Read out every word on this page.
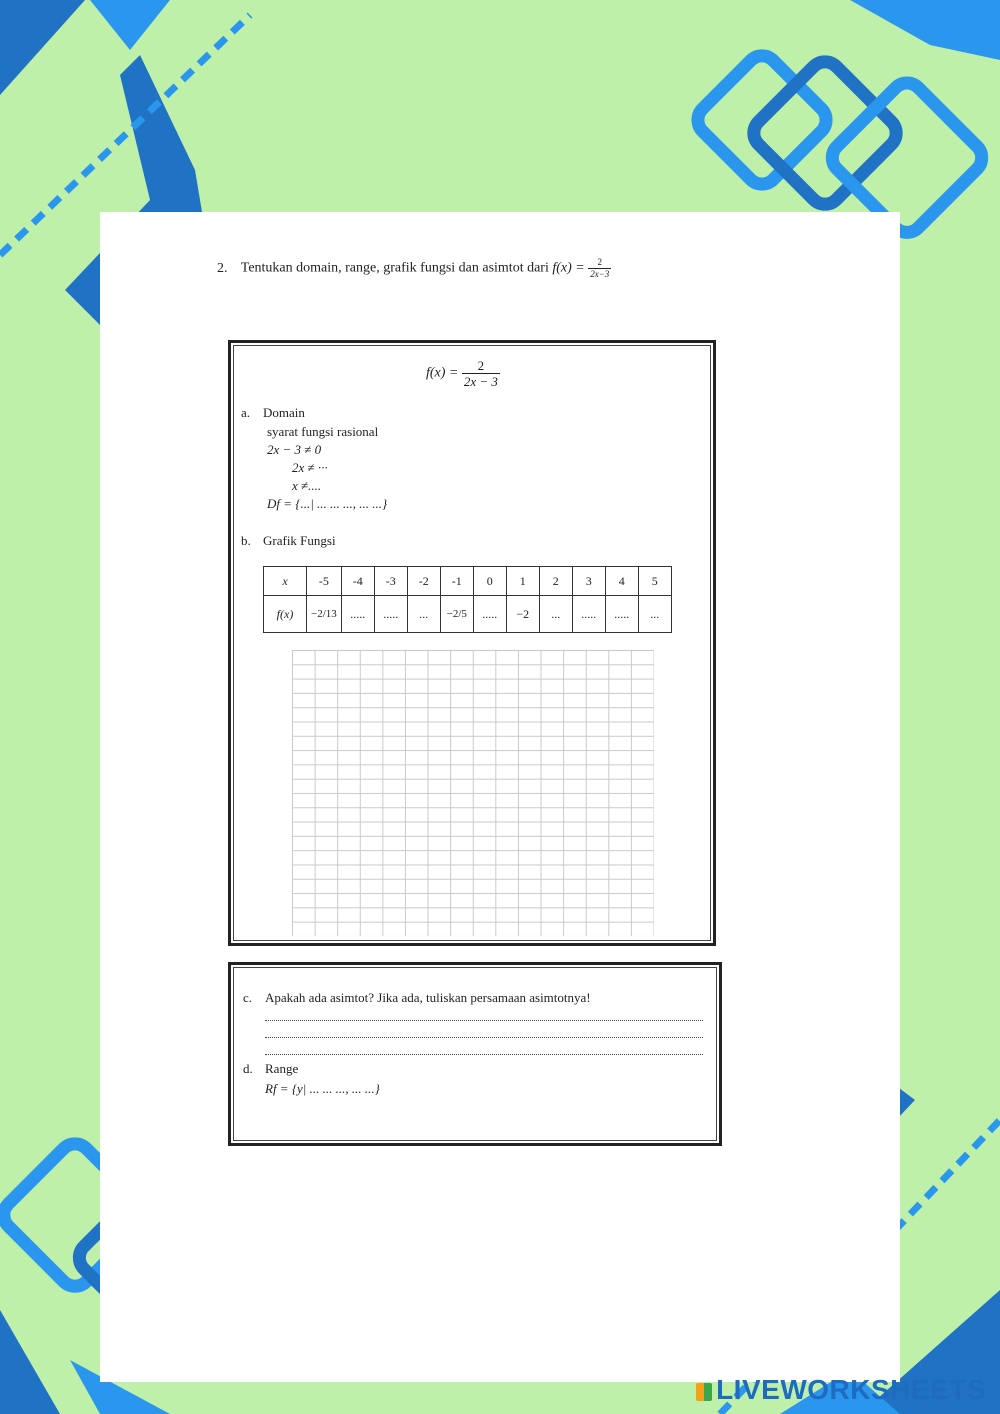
2. Tentukan domain, range, grafik fungsi dan asimtot dari $f(x) = \frac{2}{2x-3}$
$f(x) = \frac{2}{2x - 3}$
a. Domain
syarat fungsi rasional
2x − 3 ≠ 0
2x ≠ ···
x ≠....
Df = {...| ... ... ..., ... ...}
b. Grafik Fungsi
x	-5	-4	-3	-2	-1	0	1	2	3	4	5
f(x)	−2/13	.....	.....	...	−2/5	.....	−2	...	.....	.....	...
c. Apakah ada asimtot? Jika ada, tuliskan persamaan asimtotnya!
d. Range
Rf = {y| ... ... ..., ... ...}
LIVEWORKSHEETS
